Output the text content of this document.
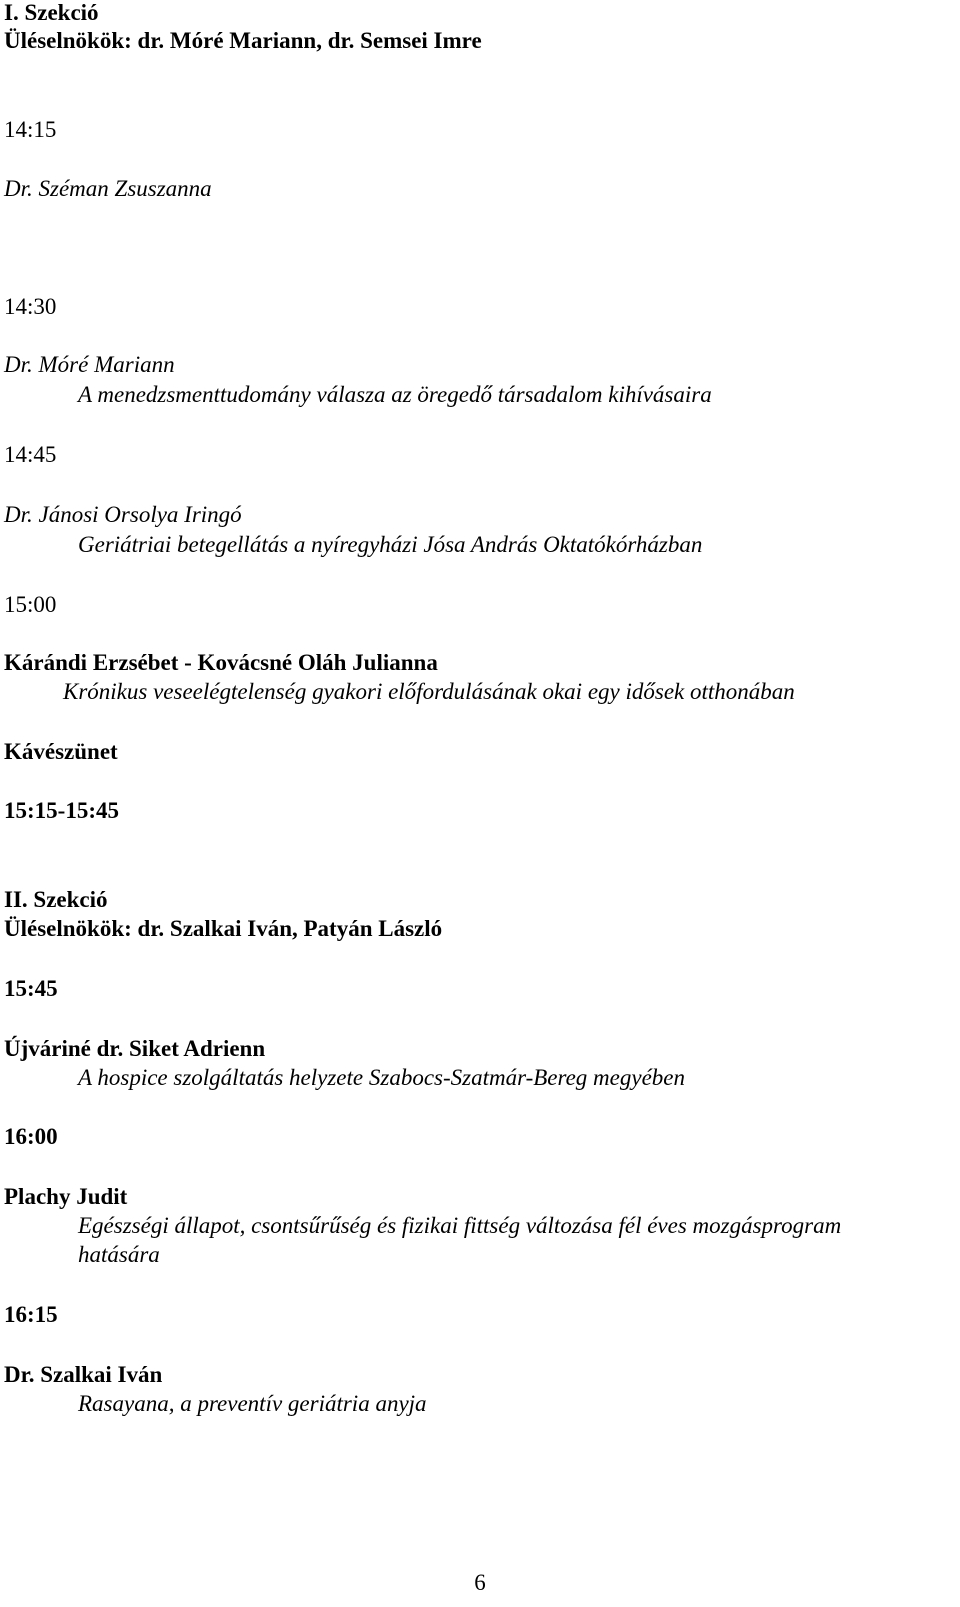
I. Szekció
Üléselnökök: dr. Móré Mariann, dr. Semsei Imre
14:15
Dr. Széman Zsuszanna
14:30
Dr. Móré Mariann
A menedzsmenttudomány válasza az öregedő társadalom kihívásaira
14:45
Dr. Jánosi Orsolya Iringó
Geriátriai betegellátás a nyíregyházi Jósa András Oktatókórházban
15:00
Kárándi Erzsébet - Kovácsné Oláh Julianna
Krónikus veseelégtelenség gyakori előfordulásának okai egy idősek otthonában
Kávészünet
15:15-15:45
II. Szekció
Üléselnökök: dr. Szalkai Iván, Patyán László
15:45
Újváriné dr. Siket Adrienn
A hospice szolgáltatás helyzete Szabocs-Szatmár-Bereg megyében
16:00
Plachy Judit
Egészségi állapot, csontsűrűség és fizikai fittség változása fél éves mozgásprogram
hatására
16:15
Dr. Szalkai Iván
Rasayana, a preventív geriátria anyja
6
